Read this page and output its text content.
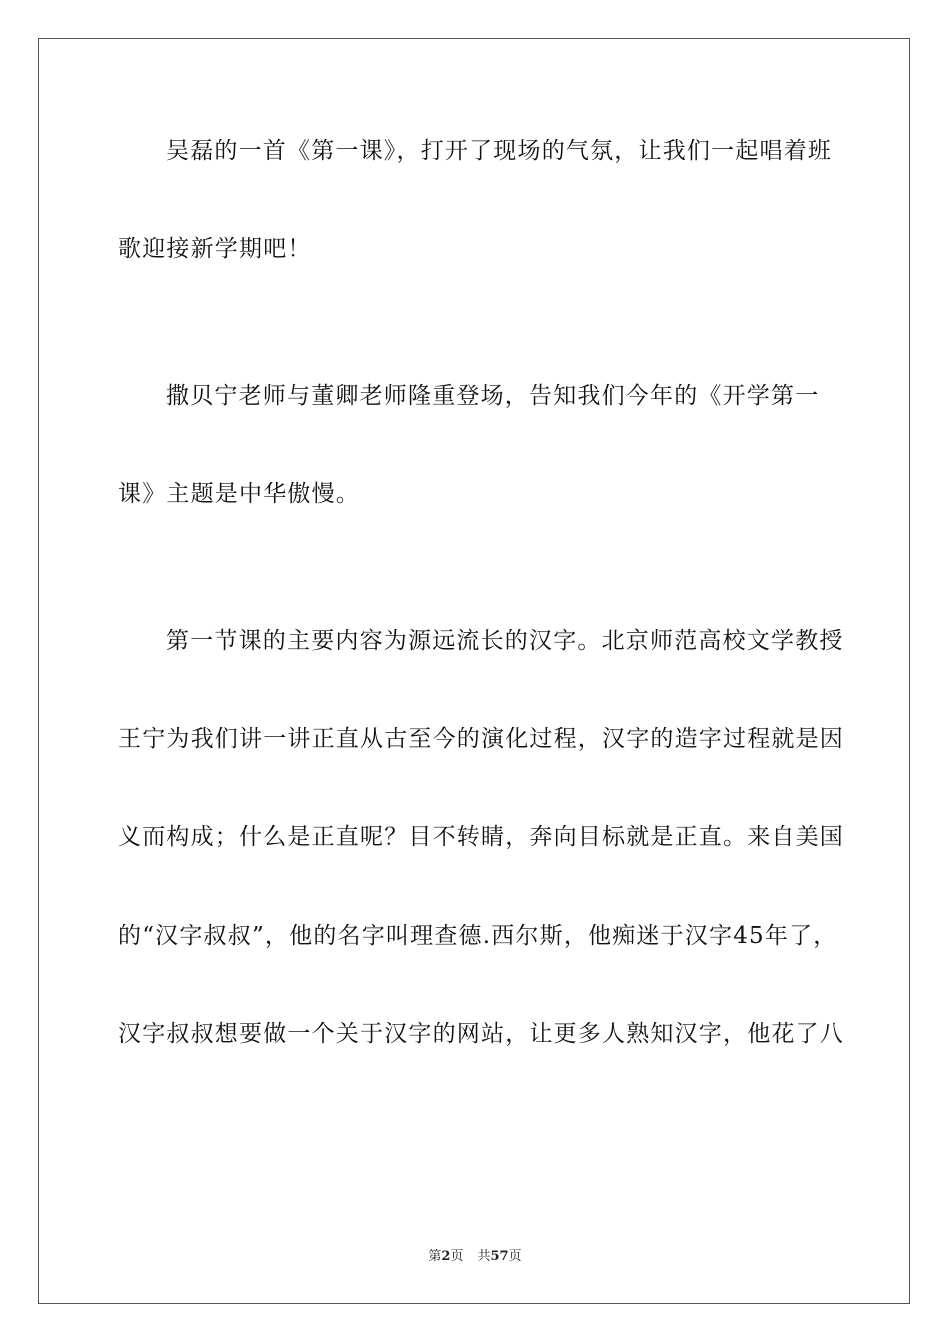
吴磊的一首《第一课》，打开了现场的气氛，让我们一起唱着班
歌迎接新学期吧！
撒贝宁老师与董卿老师隆重登场，告知我们今年的《开学第一
课》主题是中华傲慢。
第一节课的主要内容为源远流长的汉字。北京师范高校文学教授
王宁为我们讲一讲正直从古至今的演化过程，汉字的造字过程就是因
义而构成；什么是正直呢？目不转睛，奔向目标就是正直。来自美国
的“汉字叔叔”，他的名字叫理查德.西尔斯，他痴迷于汉字45年了，
汉字叔叔想要做一个关于汉字的网站，让更多人熟知汉字，他花了八
第2页 共57页
